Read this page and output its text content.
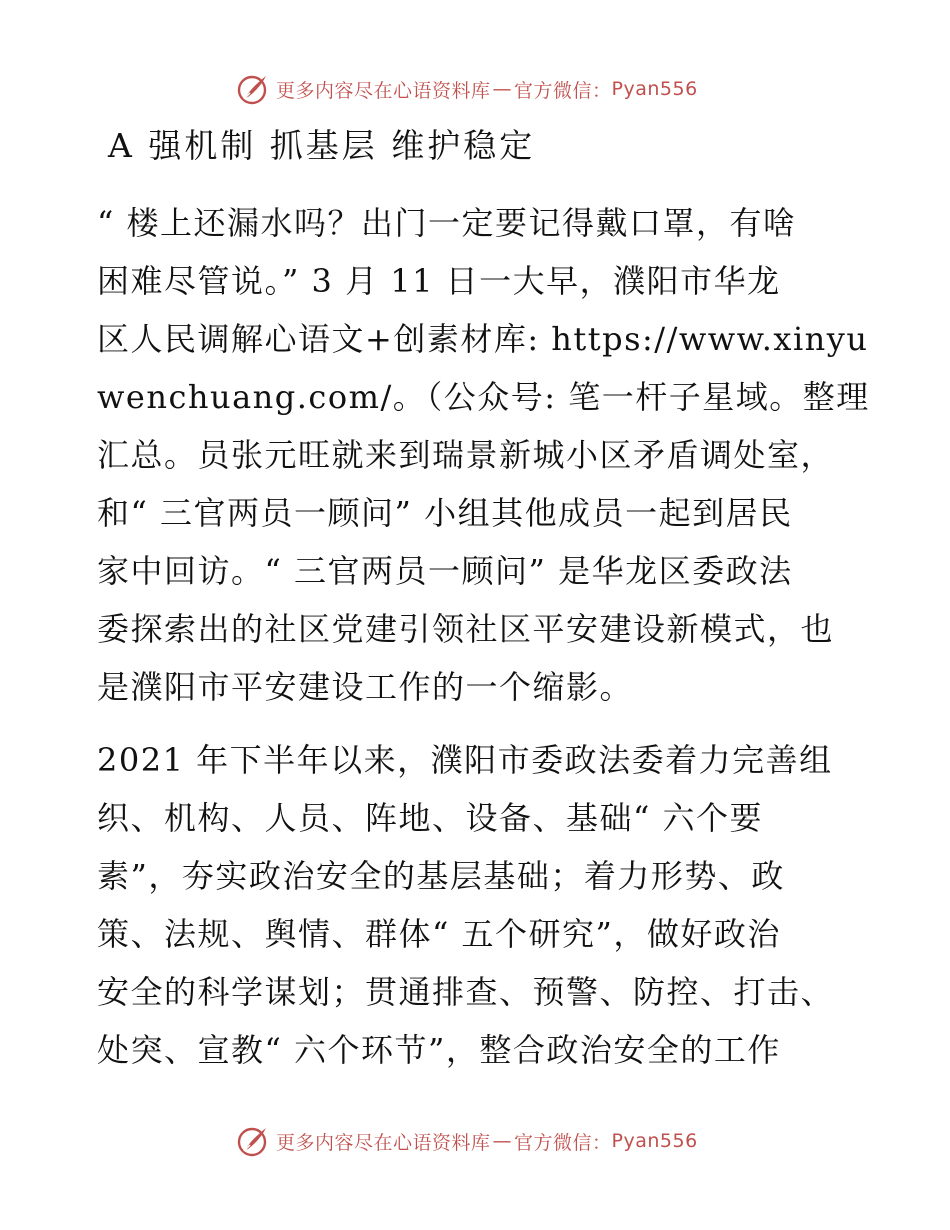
更多内容尽在心语资料库 — 官方微信： Pyan556
A 强机制 抓基层 维护稳定
“ 楼上还漏水吗？出门一定要记得戴口罩，有啥
困难尽管说。” 3 月 11 日一大早，濮阳市华龙
区人民调解心语文+创素材库: https://www.xinyu
wenchuang.com/。（公众号: 笔一杆子星域。整理
汇总。员张元旺就来到瑞景新城小区矛盾调处室，
和“ 三官两员一顾问” 小组其他成员一起到居民
家中回访。“ 三官两员一顾问” 是华龙区委政法
委探索出的社区党建引领社区平安建设新模式，也
是濮阳市平安建设工作的一个缩影。
2021 年下半年以来，濮阳市委政法委着力完善组
织、机构、人员、阵地、设备、基础“ 六个要
素”，夯实政治安全的基层基础；着力形势、政
策、法规、舆情、群体“ 五个研究”，做好政治
安全的科学谋划；贯通排查、预警、防控、打击、
处突、宣教“ 六个环节”，整合政治安全的工作
更多内容尽在心语资料库 — 官方微信： Pyan556
